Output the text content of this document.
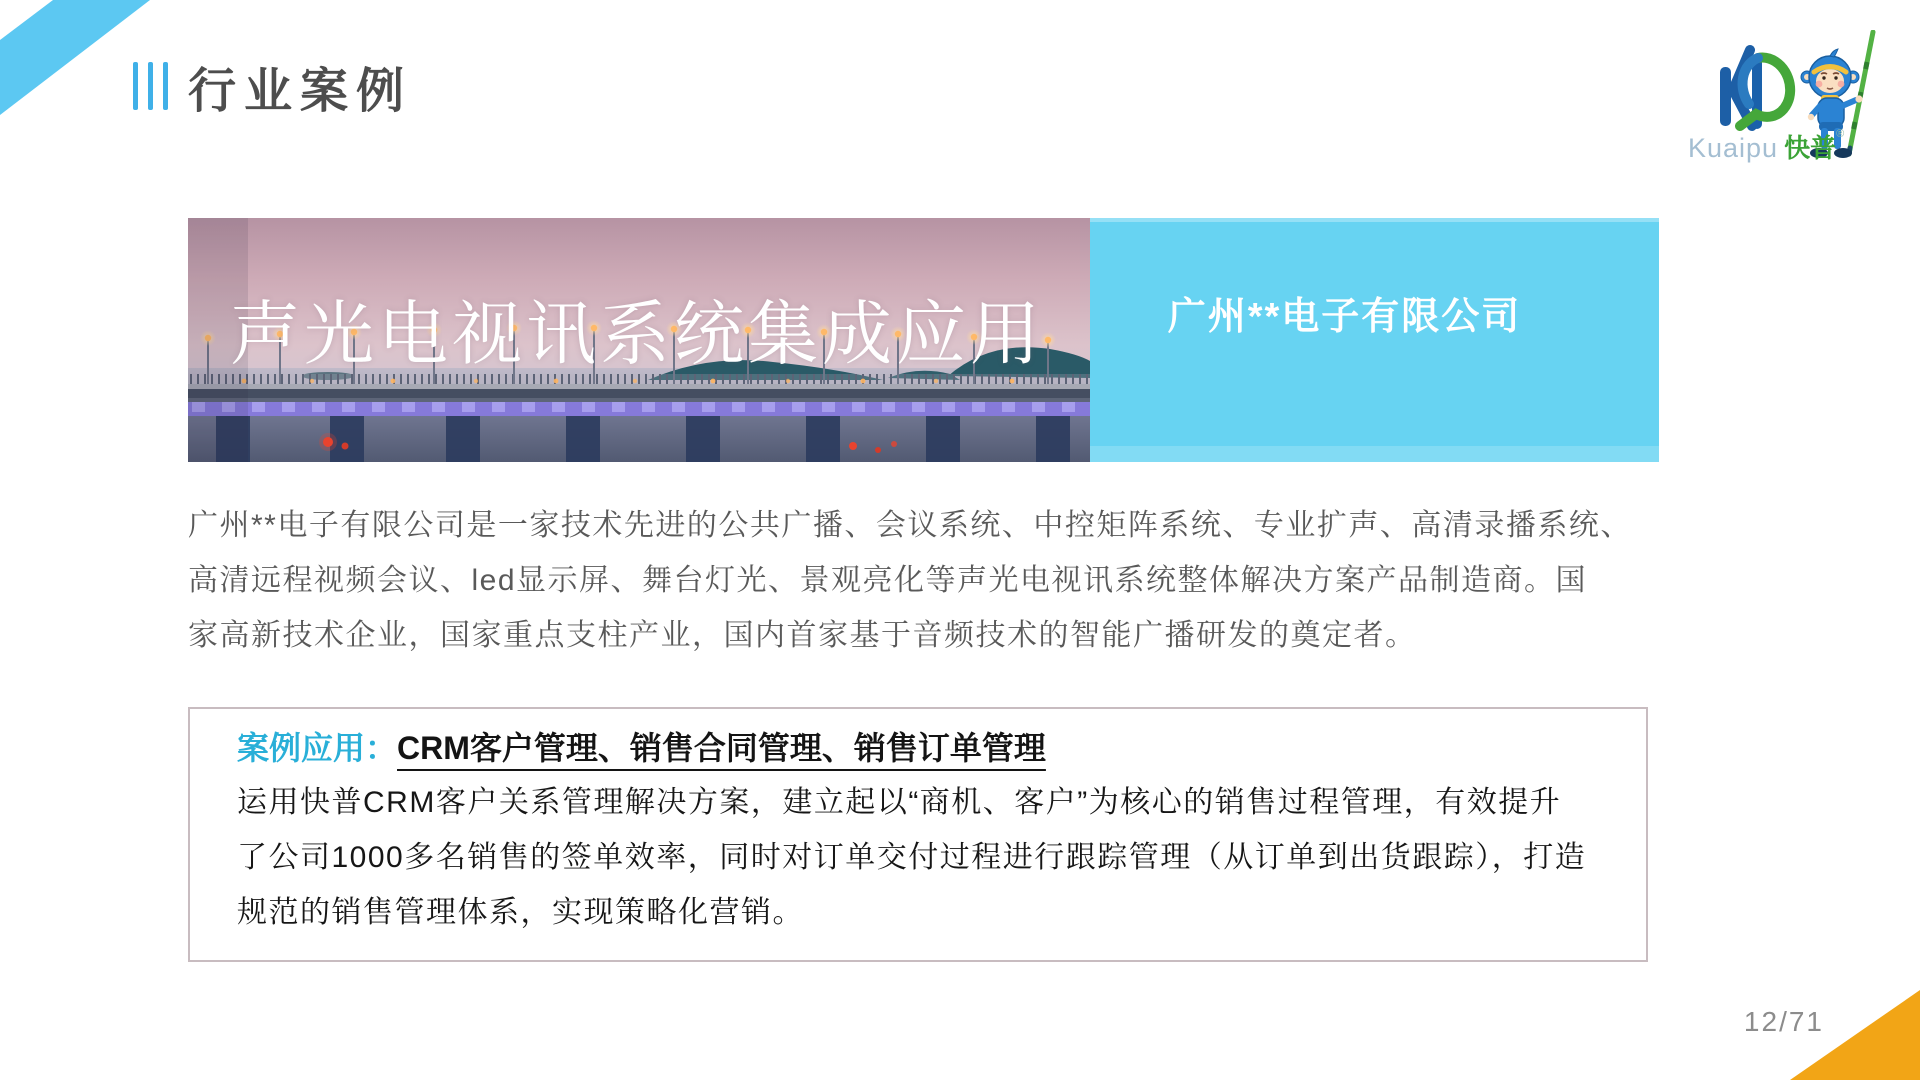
行业案例
Kuaipu 快普®
声光电视讯系统集成应用	广州**电子有限公司
广州**电子有限公司是一家技术先进的公共广播、会议系统、中控矩阵系统、专业扩声、高清录播系统、
高清远程视频会议、led显示屏、舞台灯光、景观亮化等声光电视讯系统整体解决方案产品制造商。国
家高新技术企业，国家重点支柱产业，国内首家基于音频技术的智能广播研发的奠定者。
案例应用：CRM客户管理、销售合同管理、销售订单管理
运用快普CRM客户关系管理解决方案，建立起以“商机、客户”为核心的销售过程管理，有效提升
了公司1000多名销售的签单效率，同时对订单交付过程进行跟踪管理（从订单到出货跟踪），打造
规范的销售管理体系，实现策略化营销。
12/71
